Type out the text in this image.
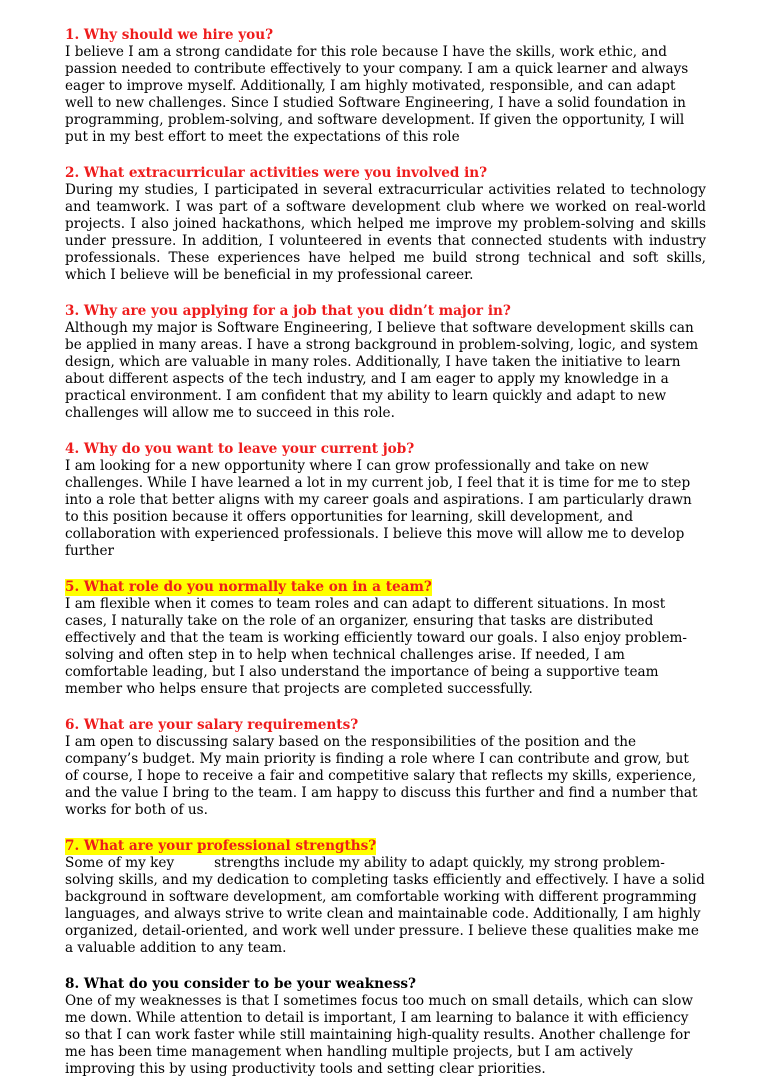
1. Why should we hire you?

I believe I am a strong candidate for this role because I have the skills, work ethic, and passion needed to contribute effectively to your company. I am a quick learner and always eager to improve myself. Additionally, I am highly motivated, responsible, and can adapt well to new challenges. Since I studied Software Engineering, I have a solid foundation in programming, problem-solving, and software development. If given the opportunity, I will put in my best effort to meet the expectations of this role

2. What extracurricular activities were you involved in?

During my studies, I participated in several extracurricular activities related to technology and teamwork. I was part of a software development club where we worked on real-world projects. I also joined hackathons, which helped me improve my problem-solving and skills under pressure. In addition, I volunteered in events that connected students with industry professionals. These experiences have helped me build strong technical and soft skills, which I believe will be beneficial in my professional career.

3. Why are you applying for a job that you didn’t major in?

Although my major is Software Engineering, I believe that software development skills can be applied in many areas. I have a strong background in problem-solving, logic, and system design, which are valuable in many roles. Additionally, I have taken the initiative to learn about different aspects of the tech industry, and I am eager to apply my knowledge in a practical environment. I am confident that my ability to learn quickly and adapt to new challenges will allow me to succeed in this role.

4. Why do you want to leave your current job?

I am looking for a new opportunity where I can grow professionally and take on new challenges. While I have learned a lot in my current job, I feel that it is time for me to step into a role that better aligns with my career goals and aspirations. I am particularly drawn to this position because it offers opportunities for learning, skill development, and collaboration with experienced professionals. I believe this move will allow me to develop further

5. What role do you normally take on in a team?

I am flexible when it comes to team roles and can adapt to different situations. In most cases, I naturally take on the role of an organizer, ensuring that tasks are distributed effectively and that the team is working efficiently toward our goals. I also enjoy problem-solving and often step in to help when technical challenges arise. If needed, I am comfortable leading, but I also understand the importance of being a supportive team member who helps ensure that projects are completed successfully.

6. What are your salary requirements?

I am open to discussing salary based on the responsibilities of the position and the company’s budget. My main priority is finding a role where I can contribute and grow, but of course, I hope to receive a fair and competitive salary that reflects my skills, experience, and the value I bring to the team. I am happy to discuss this further and find a number that works for both of us.

7. What are your professional strengths?

Some of my key	strengths include my ability to adapt quickly, my strong problem-solving skills, and my dedication to completing tasks efficiently and effectively. I have a solid background in software development, am comfortable working with different programming languages, and always strive to write clean and maintainable code. Additionally, I am highly organized, detail-oriented, and work well under pressure. I believe these qualities make me a valuable addition to any team.

8. What do you consider to be your weakness?

One of my weaknesses is that I sometimes focus too much on small details, which can slow me down. While attention to detail is important, I am learning to balance it with efficiency so that I can work faster while still maintaining high-quality results. Another challenge for me has been time management when handling multiple projects, but I am actively improving this by using productivity tools and setting clear priorities.
